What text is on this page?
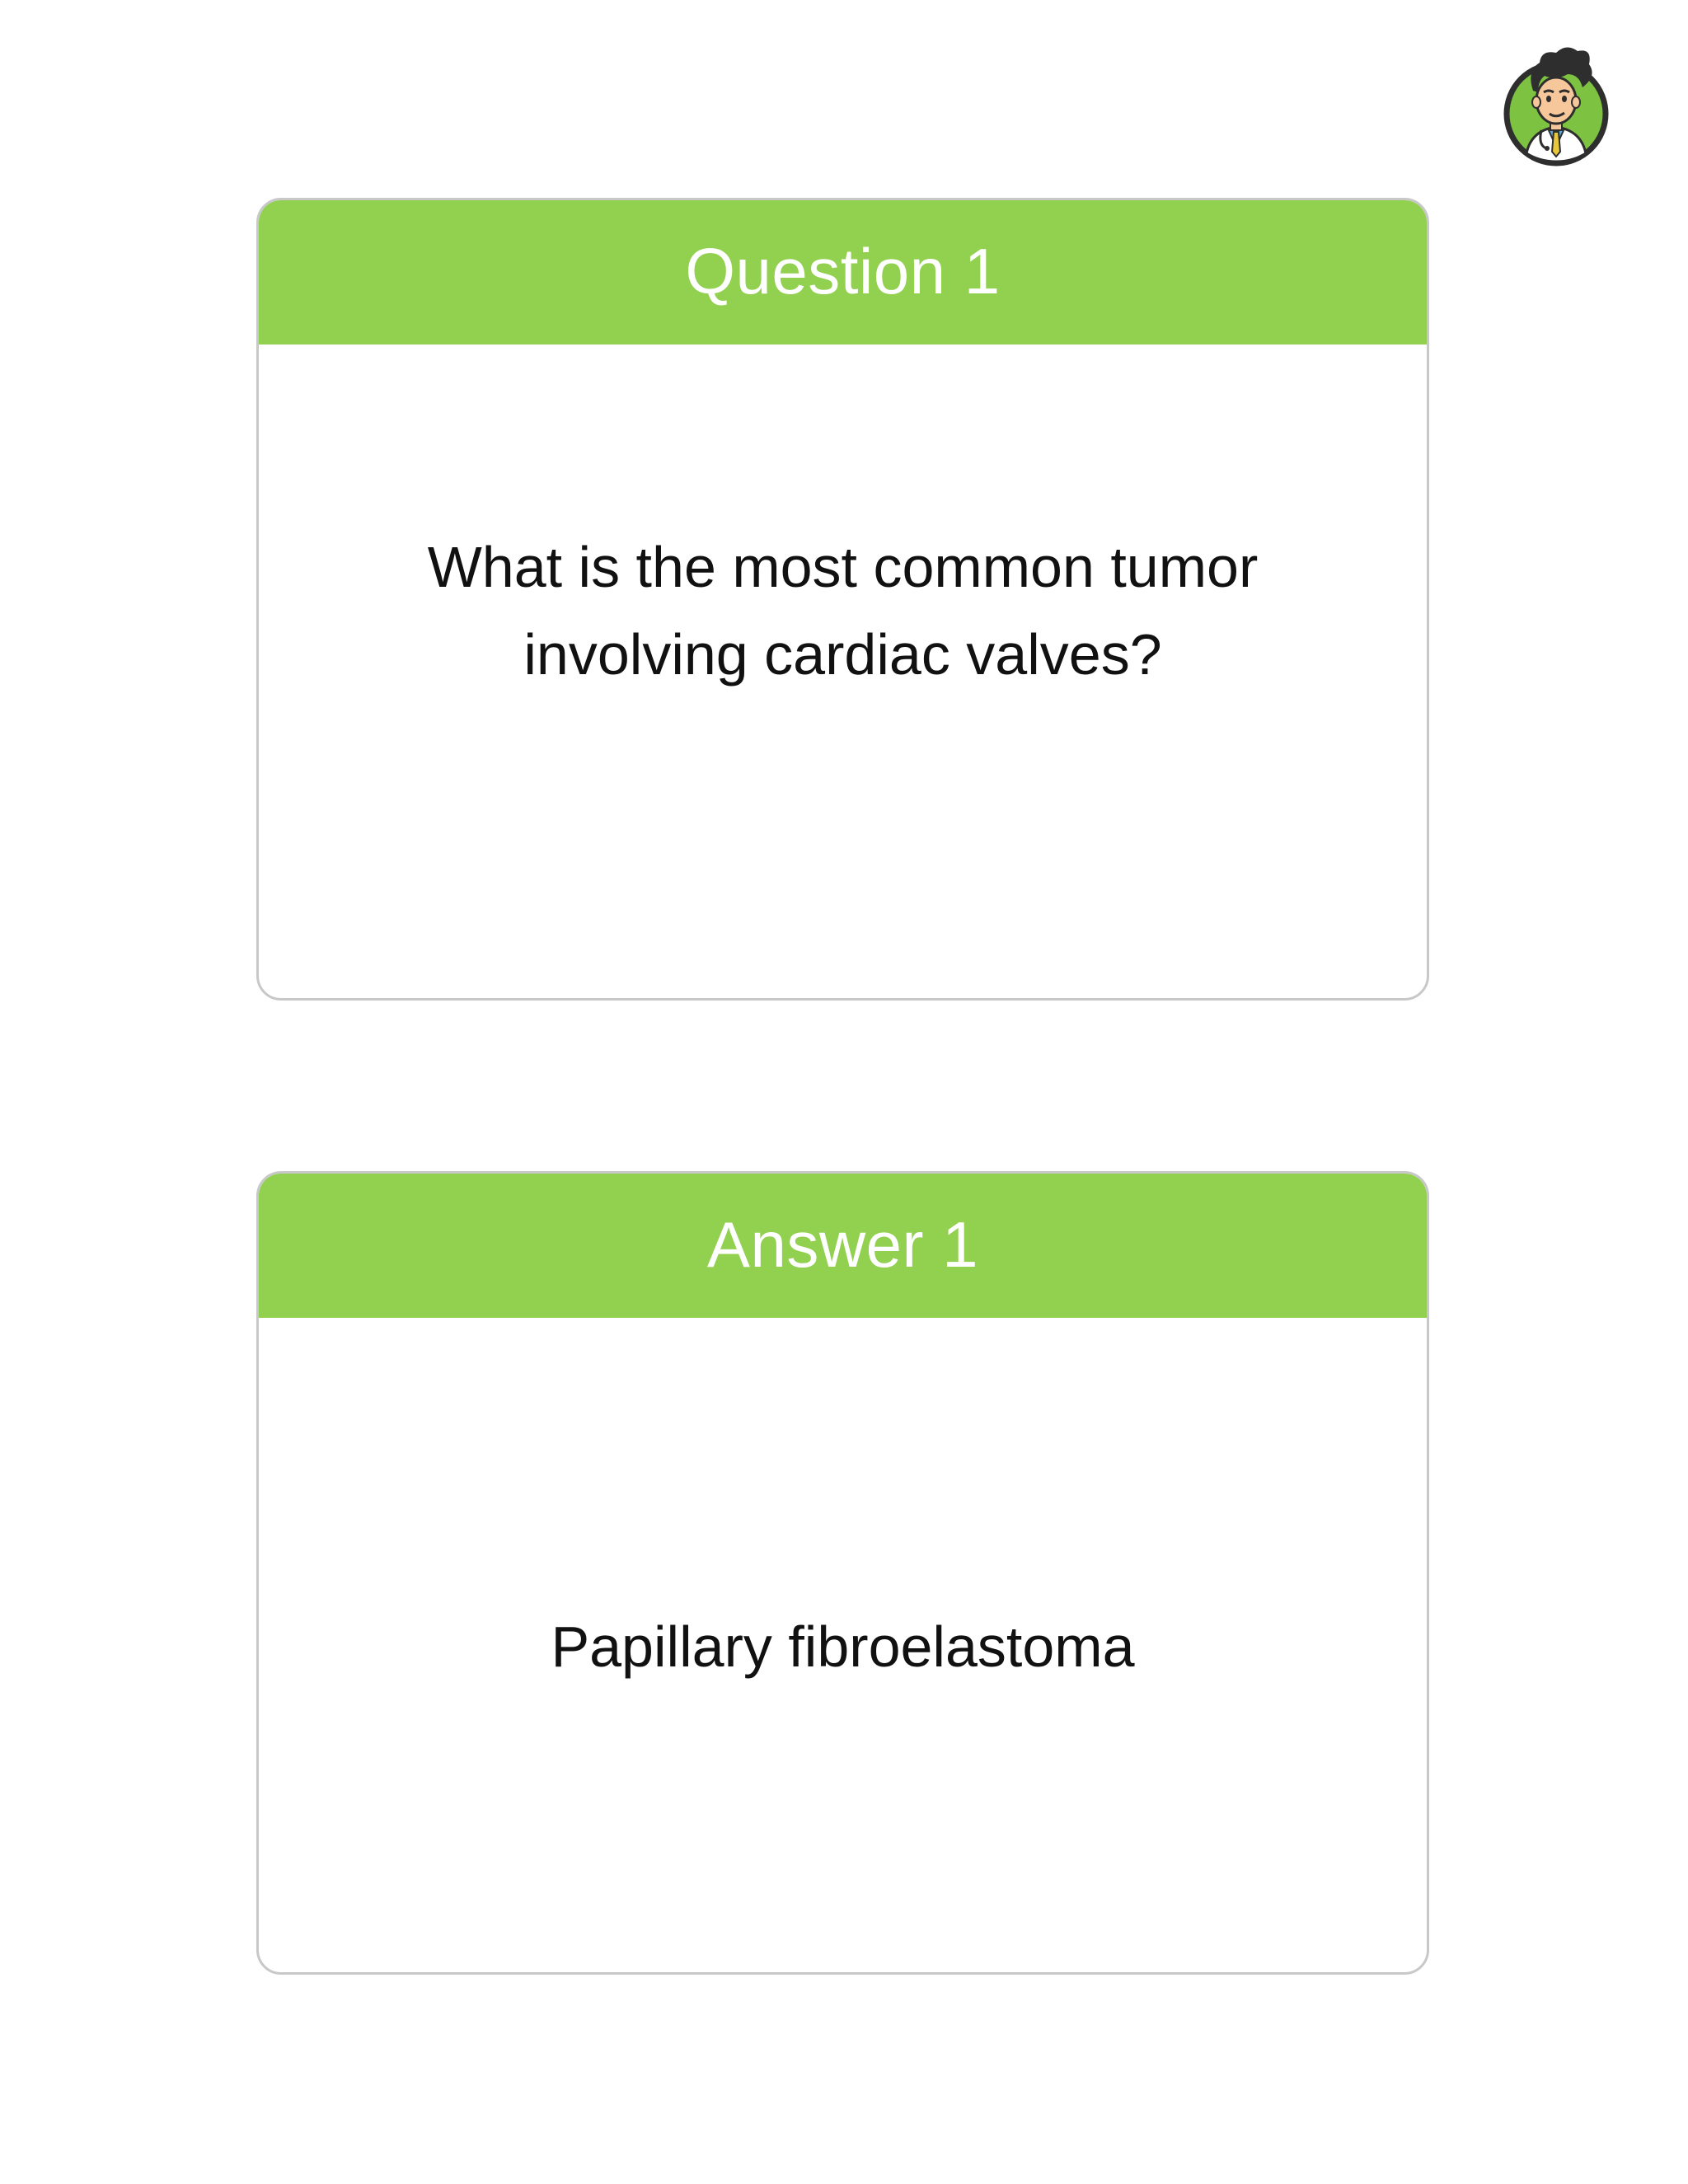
Question 1
What is the most common tumor involving cardiac valves?
Answer 1
Papillary fibroelastoma
